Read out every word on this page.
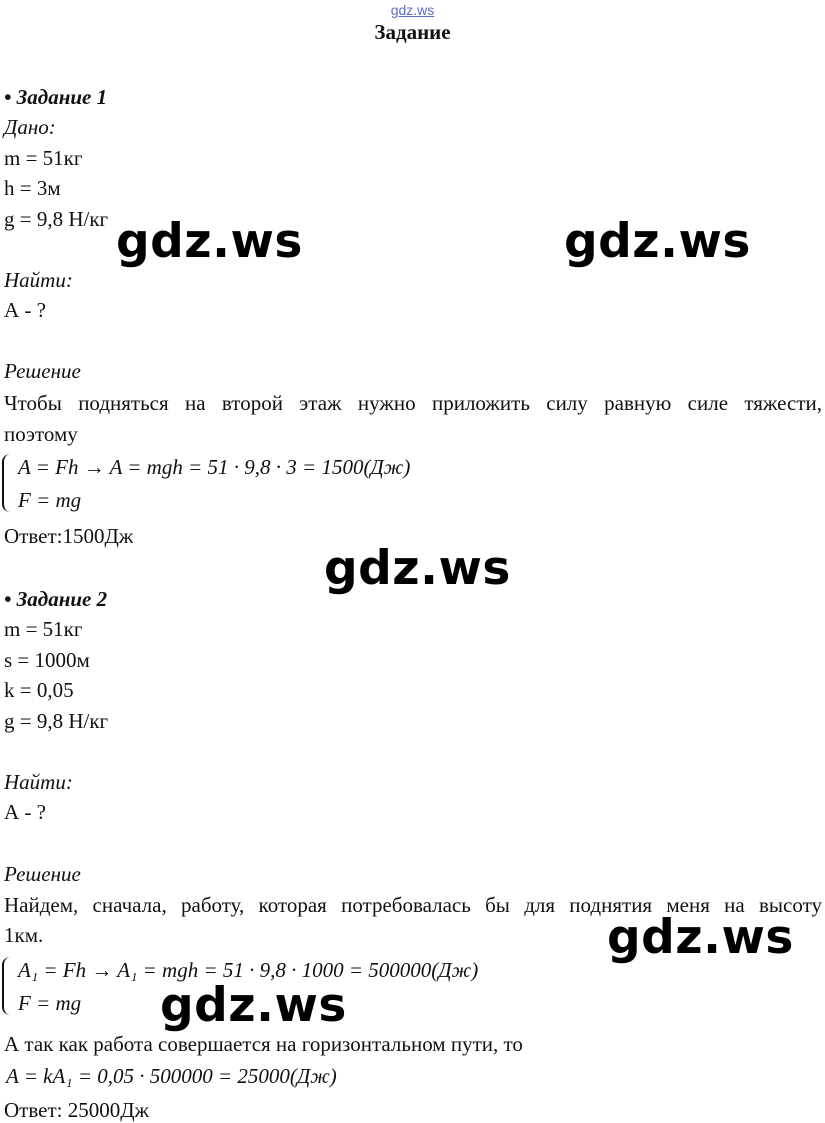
gdz.ws
Задание
• Задание 1
Дано:
m = 51кг
h = 3м
g = 9,8 Н/кг
Найти:
А - ?
Решение
Чтобы подняться на второй этаж нужно приложить силу равную силе тяжести,
поэтому
A = Fh → A = mgh = 51 · 9,8 · 3 = 1500(Дж)
F = mg
Ответ:1500Дж
• Задание 2
m = 51кг
s = 1000м
k = 0,05
g = 9,8 Н/кг
Найти:
А - ?
Решение
Найдем, сначала, работу, которая потребовалась бы для поднятия меня на высоту
1км.
A₁ = Fh → A₁ = mgh = 51 · 9,8 · 1000 = 500000(Дж)
F = mg
А так как работа совершается на горизонтальном пути, то
A = kA₁ = 0,05 · 500000 = 25000(Дж)
Ответ: 25000Дж
gdz.ws	gdz.ws
gdz.ws
gdz.ws
gdz.ws
